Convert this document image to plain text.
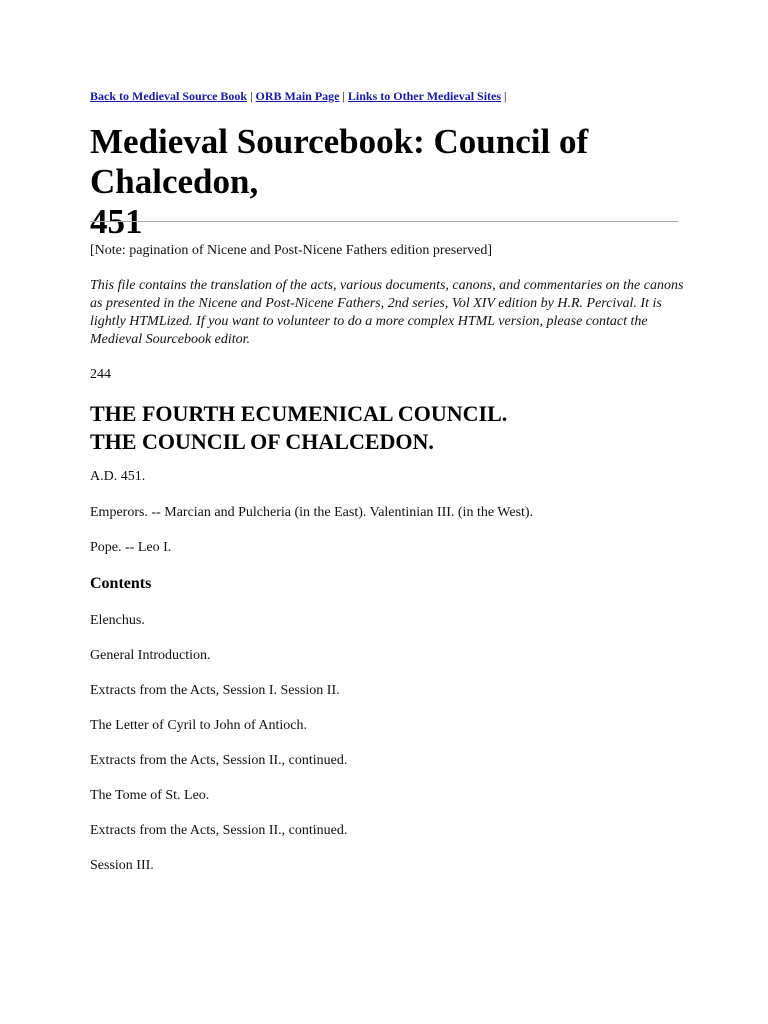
Back to Medieval Source Book | ORB Main Page | Links to Other Medieval Sites |
Medieval Sourcebook: Council of Chalcedon,
451

[Note: pagination of Nicene and Post-Nicene Fathers edition preserved]

This file contains the translation of the acts, various documents, canons, and commentaries on the canons as presented in the Nicene and Post-Nicene Fathers, 2nd series, Vol XIV edition by H.R. Percival. It is lightly HTMLized. If you want to volunteer to do a more complex HTML version, please contact the Medieval Sourcebook editor.

244

THE FOURTH ECUMENICAL COUNCIL.
THE COUNCIL OF CHALCEDON.

A.D. 451.

Emperors. -- Marcian and Pulcheria (in the East). Valentinian III. (in the West).

Pope. -- Leo I.

Contents

Elenchus.

General Introduction.

Extracts from the Acts, Session I. Session II.

The Letter of Cyril to John of Antioch.

Extracts from the Acts, Session II., continued.

The Tome of St. Leo.

Extracts from the Acts, Session II., continued.

Session III.
